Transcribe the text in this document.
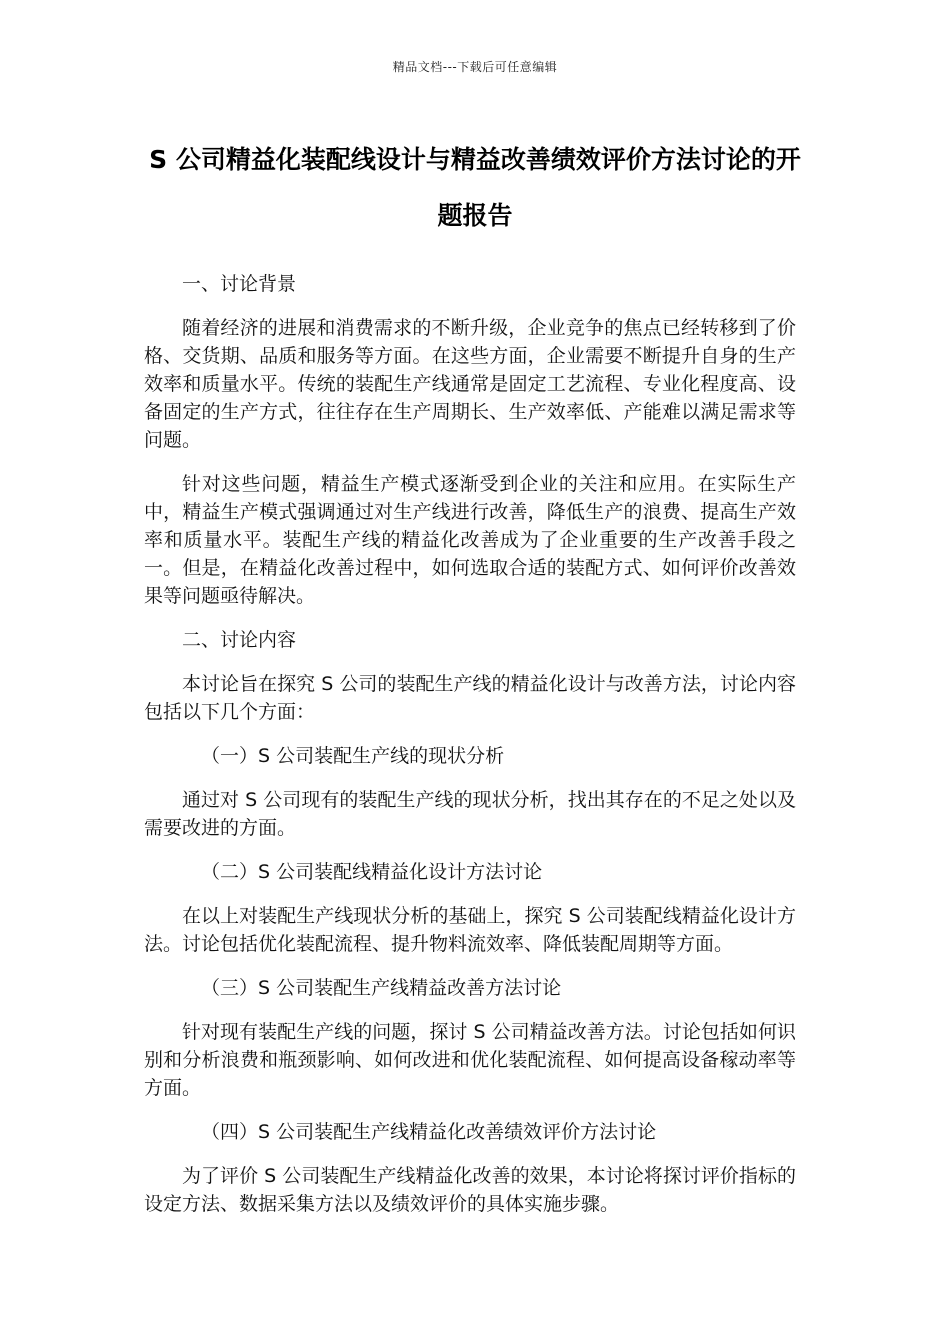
精品文档---下载后可任意编辑
S 公司精益化装配线设计与精益改善绩效评价方法讨论的开题报告

一、讨论背景

随着经济的进展和消费需求的不断升级，企业竞争的焦点已经转移到了价格、交货期、品质和服务等方面。在这些方面，企业需要不断提升自身的生产效率和质量水平。传统的装配生产线通常是固定工艺流程、专业化程度高、设备固定的生产方式，往往存在生产周期长、生产效率低、产能难以满足需求等问题。

针对这些问题，精益生产模式逐渐受到企业的关注和应用。在实际生产中，精益生产模式强调通过对生产线进行改善，降低生产的浪费、提高生产效率和质量水平。装配生产线的精益化改善成为了企业重要的生产改善手段之一。但是，在精益化改善过程中，如何选取合适的装配方式、如何评价改善效果等问题亟待解决。

二、讨论内容

本讨论旨在探究 S 公司的装配生产线的精益化设计与改善方法，讨论内容包括以下几个方面：

（一）S 公司装配生产线的现状分析

通过对 S 公司现有的装配生产线的现状分析，找出其存在的不足之处以及需要改进的方面。

（二）S 公司装配线精益化设计方法讨论

在以上对装配生产线现状分析的基础上，探究 S 公司装配线精益化设计方法。讨论包括优化装配流程、提升物料流效率、降低装配周期等方面。

（三）S 公司装配生产线精益改善方法讨论

针对现有装配生产线的问题，探讨 S 公司精益改善方法。讨论包括如何识别和分析浪费和瓶颈影响、如何改进和优化装配流程、如何提高设备稼动率等方面。

（四）S 公司装配生产线精益化改善绩效评价方法讨论

为了评价 S 公司装配生产线精益化改善的效果，本讨论将探讨评价指标的设定方法、数据采集方法以及绩效评价的具体实施步骤。
